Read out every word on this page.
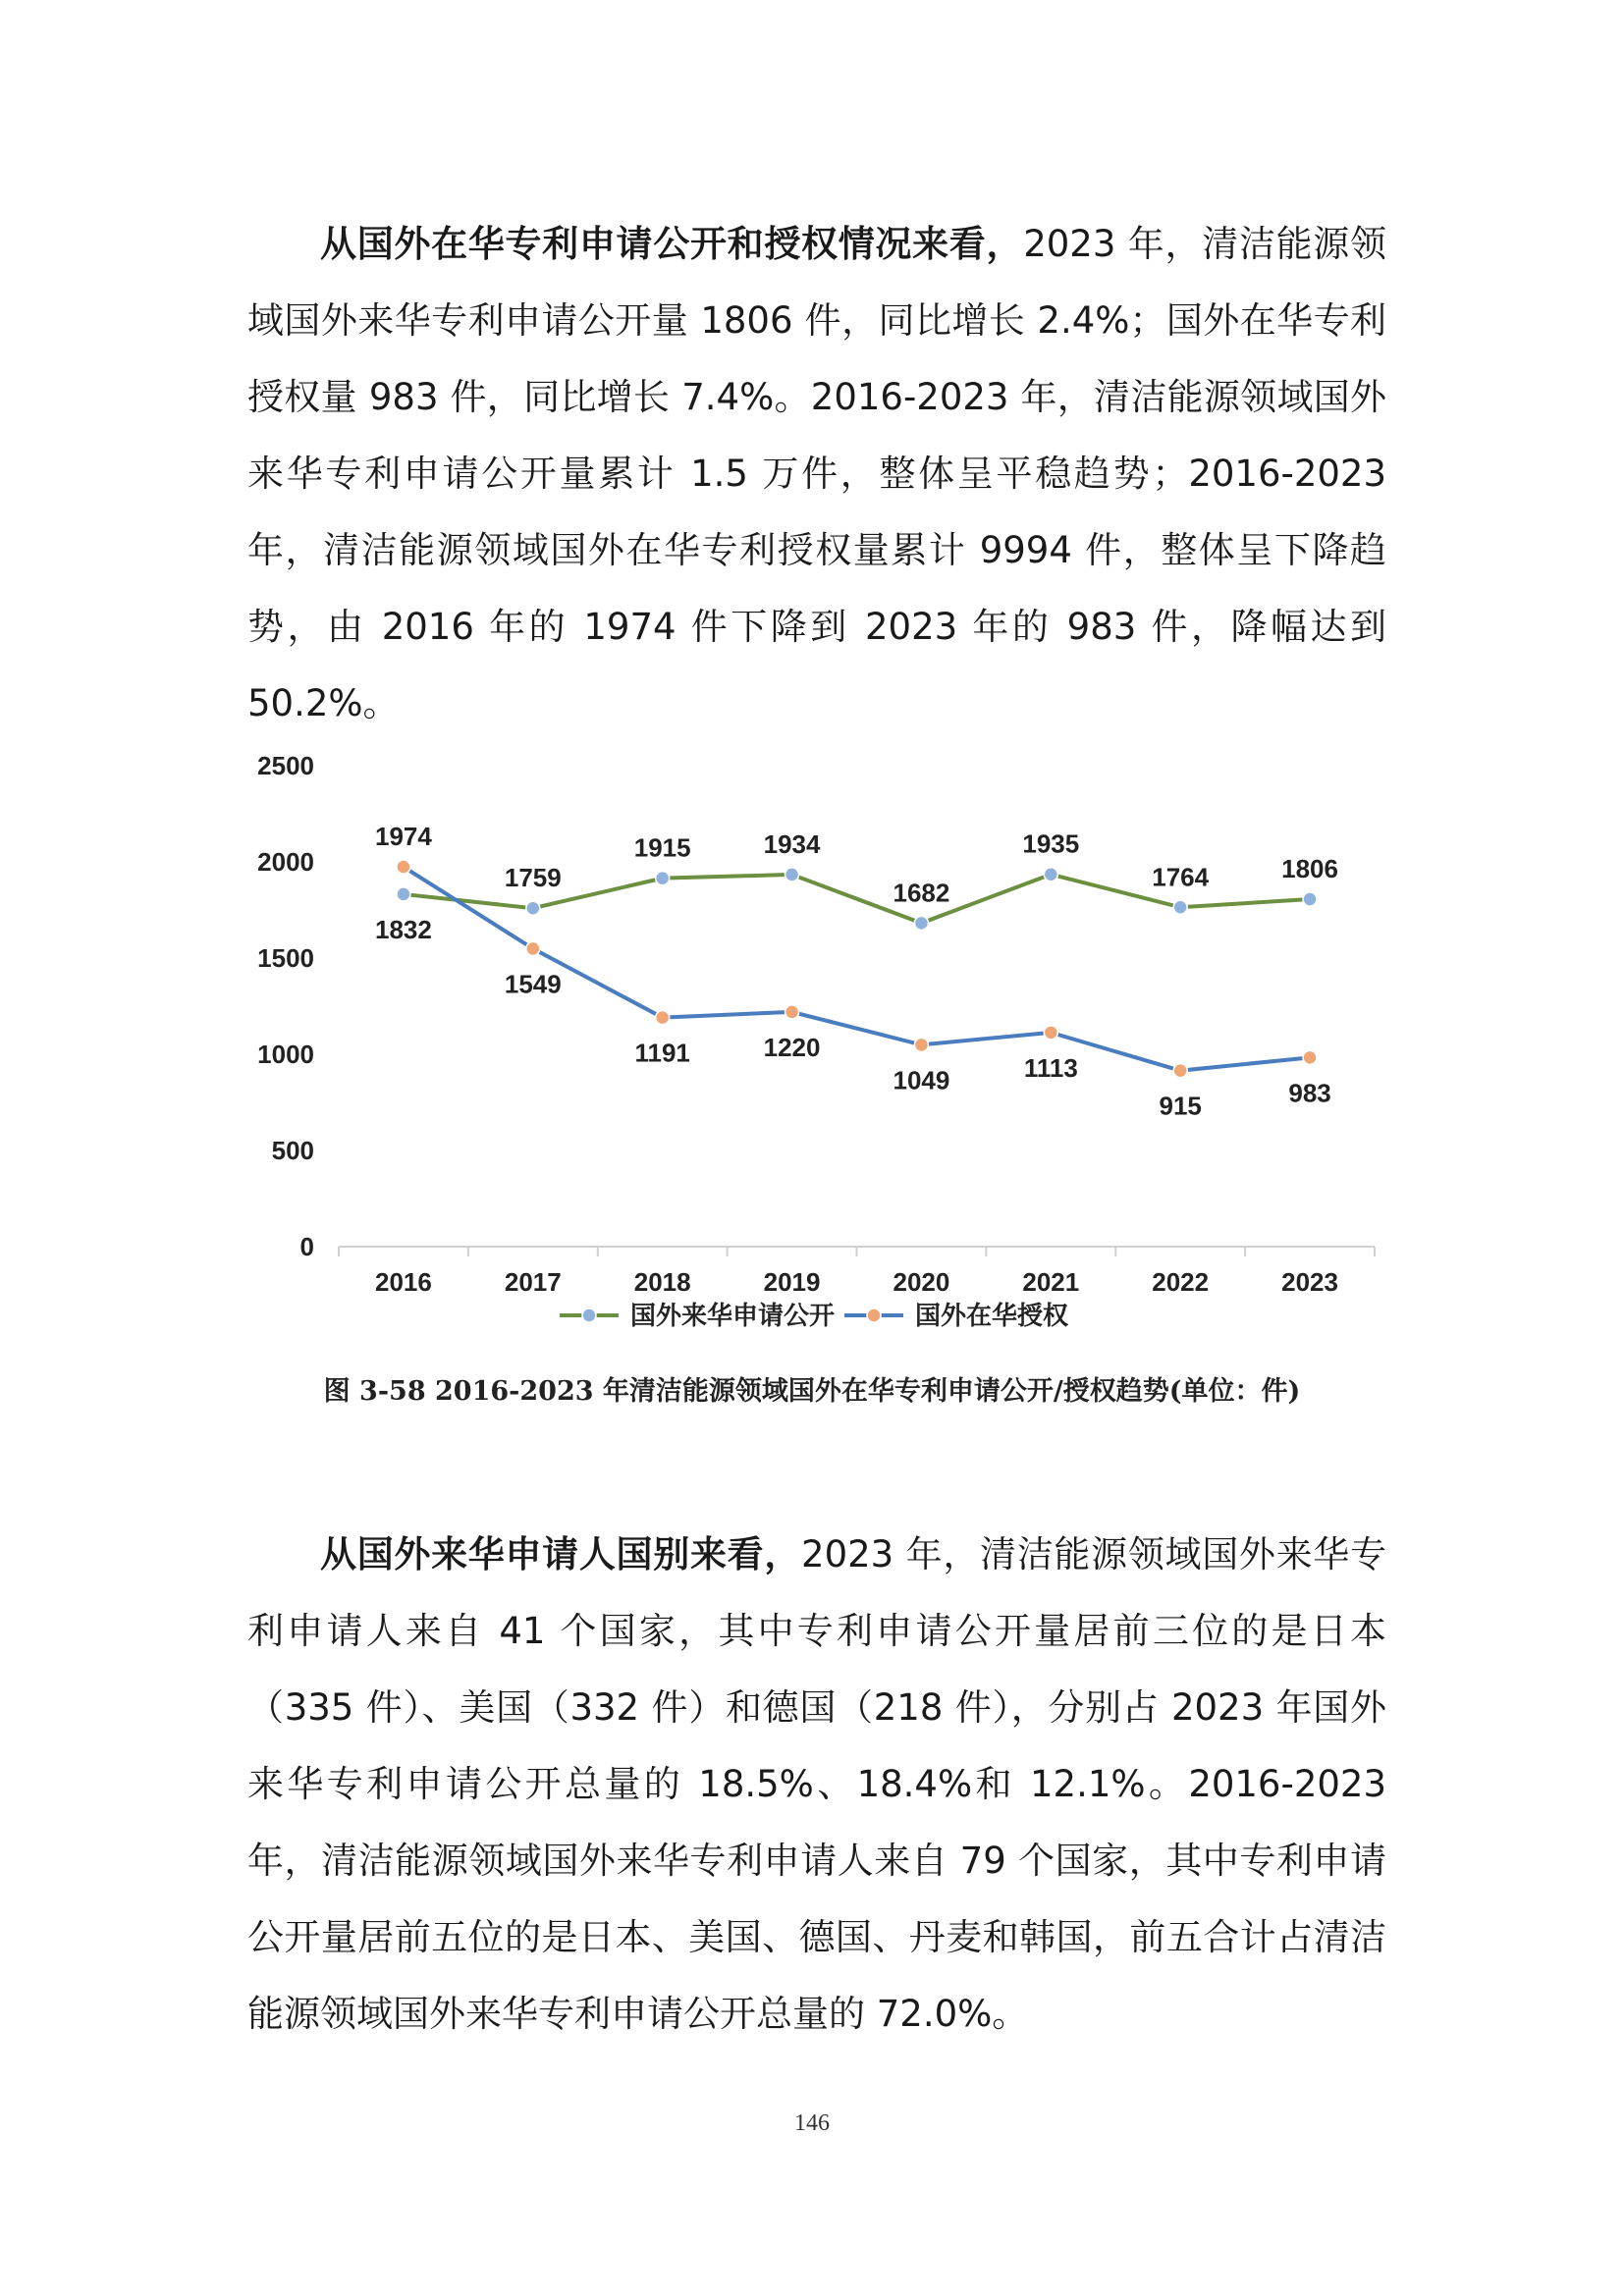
从国外在华专利申请公开和授权情况来看，2023 年，清洁能源领域国外来华专利申请公开量 1806 件，同比增长 2.4%；国外在华专利授权量 983 件，同比增长 7.4%。2016-2023 年，清洁能源领域国外来华专利申请公开量累计 1.5 万件，整体呈平稳趋势；2016-2023 年，清洁能源领域国外在华专利授权量累计 9994 件，整体呈下降趋势，由 2016 年的 1974 件下降到 2023 年的 983 件，降幅达到 50.2%。

0
500
1000
1500
2000
2500
2016	2017	2018	2019	2020	2021	2022	2023
1832
1759
1915	1934
1682
1935
1764	1806
1974
1549
1191	1220
1049	1113
915	983
国外来华申请公开	国外在华授权
图 3-58 2016-2023 年清洁能源领域国外在华专利申请公开/授权趋势(单位：件)

从国外来华申请人国别来看，2023 年，清洁能源领域国外来华专利申请人来自 41 个国家，其中专利申请公开量居前三位的是日本（335 件）、美国（332 件）和德国（218 件），分别占 2023 年国外来华专利申请公开总量的 18.5%、18.4%和 12.1%。2016-2023 年，清洁能源领域国外来华专利申请人来自 79 个国家，其中专利申请公开量居前五位的是日本、美国、德国、丹麦和韩国，前五合计占清洁能源领域国外来华专利申请公开总量的 72.0%。

146
